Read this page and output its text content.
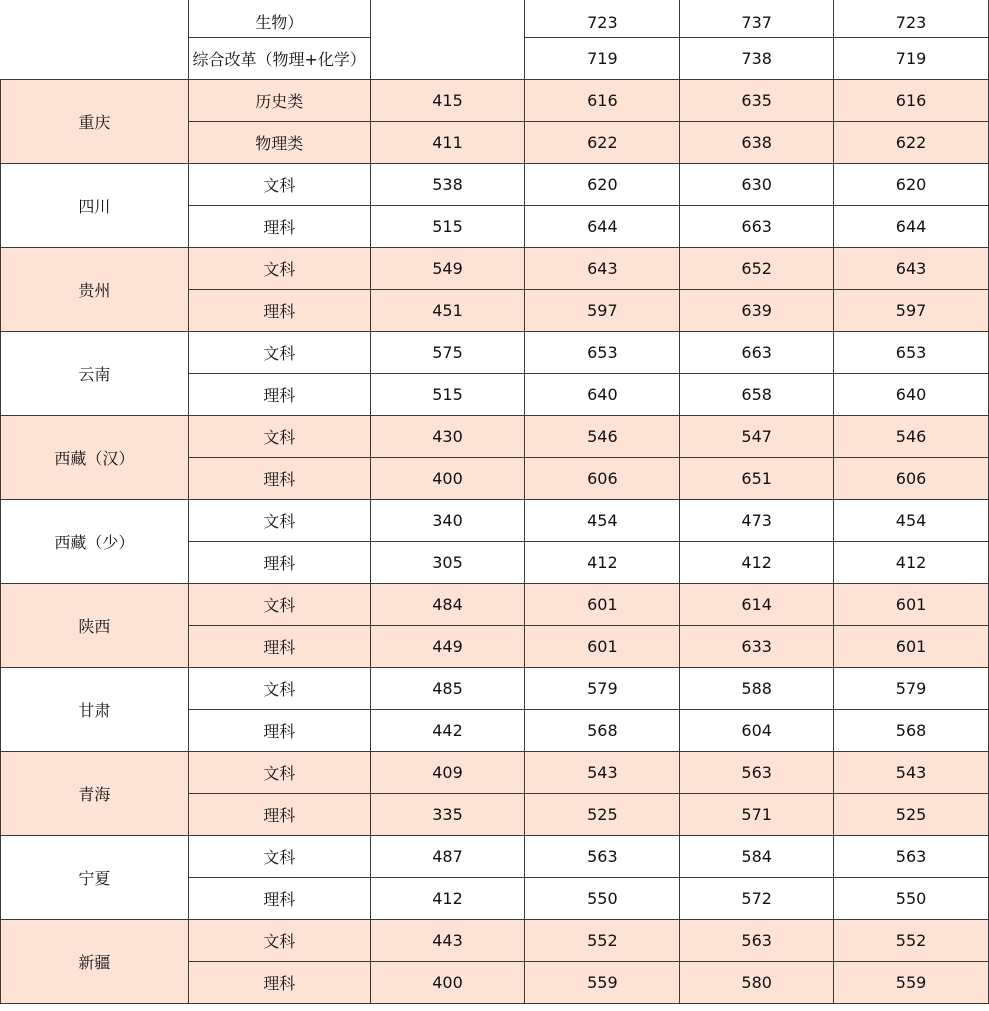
	生物）		723	737	723
	综合改革（物理+化学）		719	738	719
重庆	历史类	415	616	635	616
	物理类	411	622	638	622
四川	文科	538	620	630	620
	理科	515	644	663	644
贵州	文科	549	643	652	643
	理科	451	597	639	597
云南	文科	575	653	663	653
	理科	515	640	658	640
西藏（汉）	文科	430	546	547	546
	理科	400	606	651	606
西藏（少）	文科	340	454	473	454
	理科	305	412	412	412
陕西	文科	484	601	614	601
	理科	449	601	633	601
甘肃	文科	485	579	588	579
	理科	442	568	604	568
青海	文科	409	543	563	543
	理科	335	525	571	525
宁夏	文科	487	563	584	563
	理科	412	550	572	550
新疆	文科	443	552	563	552
	理科	400	559	580	559
